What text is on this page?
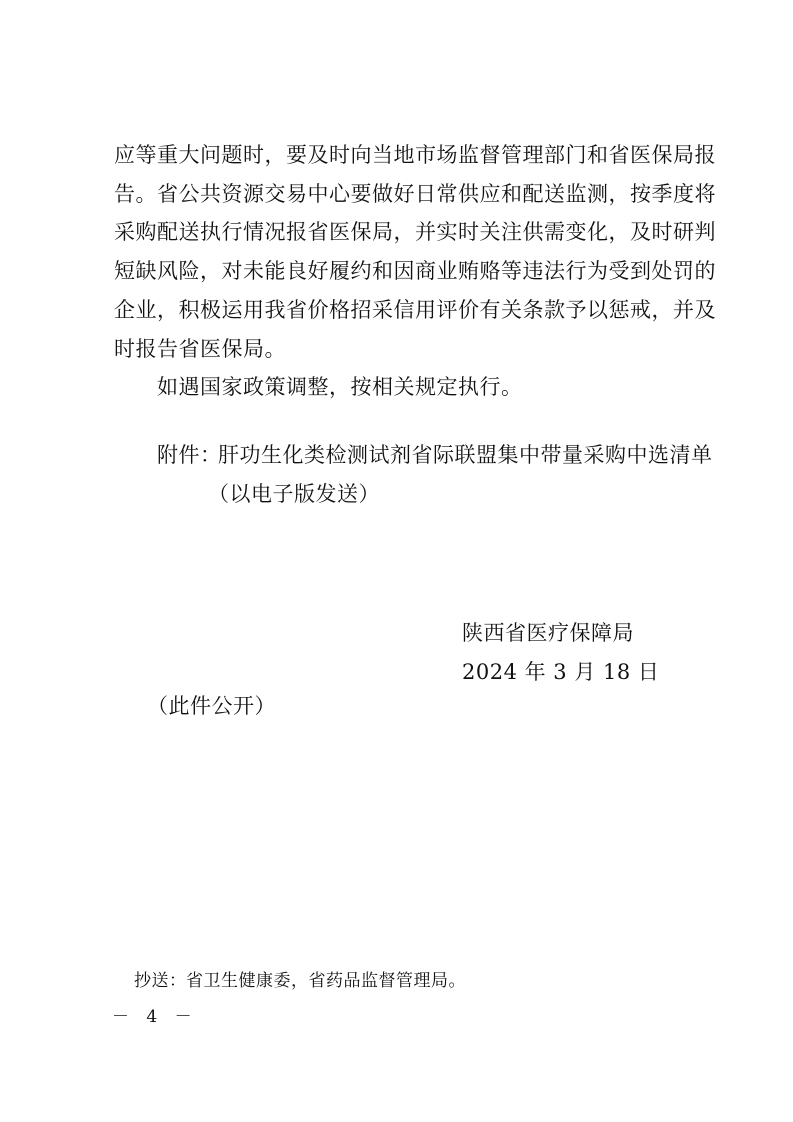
应等重大问题时，要及时向当地市场监督管理部门和省医保局报
告。省公共资源交易中心要做好日常供应和配送监测，按季度将
采购配送执行情况报省医保局，并实时关注供需变化，及时研判
短缺风险，对未能良好履约和因商业贿赂等违法行为受到处罚的
企业，积极运用我省价格招采信用评价有关条款予以惩戒，并及
时报告省医保局。
如遇国家政策调整，按相关规定执行。
附件：
肝功生化类检测试剂省际联盟集中带量采购中选清单
（以电子版发送）
陕西省医疗保障局
2024 年 3 月 18 日
（此件公开）
抄送： 省卫生健康委，省药品监督管理局。
－ 4 －
